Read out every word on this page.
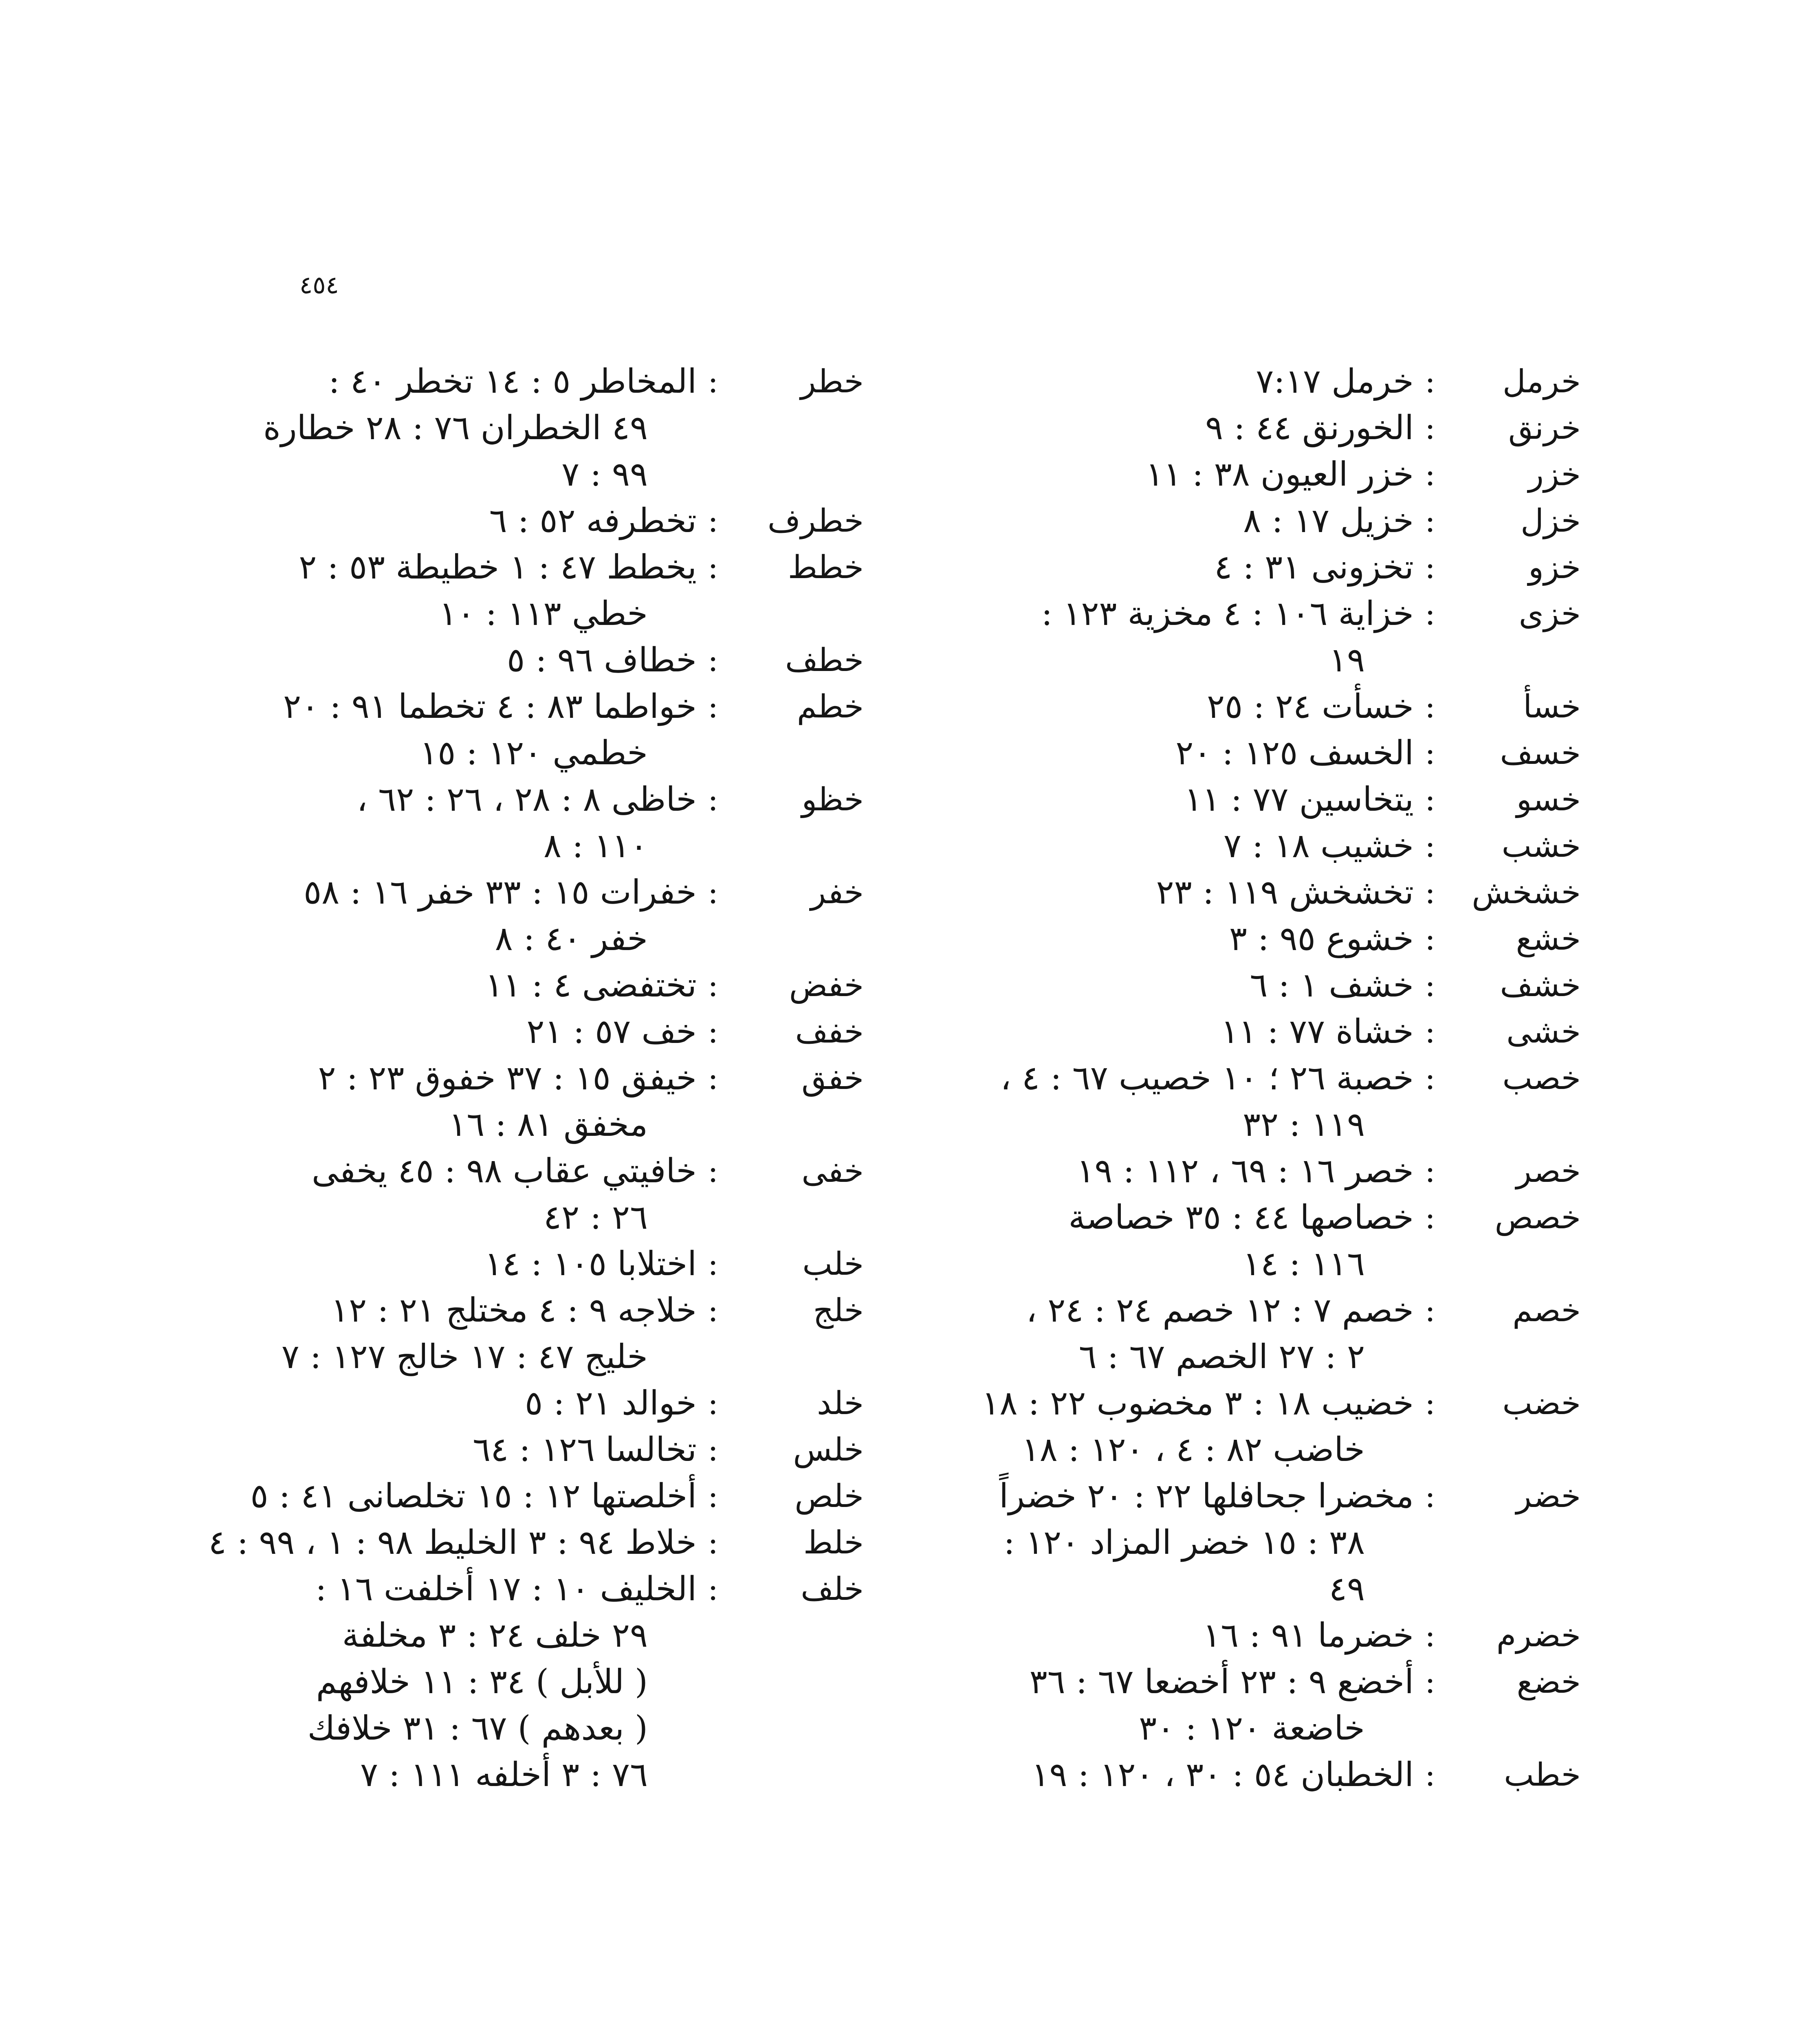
٤٥٤
خرمل
:
خرمل ٧:١٧
خرنق
:
الخورنق ٤٤ : ٩
خزر
:
خزر العيون ٣٨ : ١١
خزل
:
خزيل ١٧ : ٨
خزو
:
تخزونى ٣١ : ٤
خزى
:
خزاية ١٠٦ : ٤ مخزية ١٢٣ :
١٩
خسأ
:
خسأت ٢٤ : ٢٥
خسف
:
الخسف ١٢٥ : ٢٠
خسو
:
يتخاسين ٧٧ : ١١
خشب
:
خشيب ١٨ : ٧
خشخش
:
تخشخش ١١٩ : ٢٣
خشع
:
خشوع ٩٥ : ٣
خشف
:
خشف ١ : ٦
خشى
:
خشاة ٧٧ : ١١
خصب
:
خصبة ٢٦ ؛ ١٠ خصيب ٦٧ : ٤ ،
١١٩ : ٣٢
خصر
:
خصر ١٦ : ٦٩ ، ١١٢ : ١٩
خصص
:
خصاصها ٤٤ : ٣٥ خصاصة
١١٦ : ١٤
خصم
:
خصم ٧ : ١٢ خصم ٢٤ : ٢٤ ،
٢ : ٢٧ الخصم ٦٧ : ٦
خضب
:
خضيب ١٨ : ٣ مخضوب ٢٢ : ١٨
خاضب ٨٢ : ٤ ، ١٢٠ : ١٨
خضر
:
مخضرا جحافلها ٢٢ : ٢٠ خضراً
٣٨ : ١٥ خضر المزاد ١٢٠ :
٤٩
خضرم
:
خضرما ٩١ : ١٦
خضع
:
أخضع ٩ : ٢٣ أخضعا ٦٧ : ٣٦
خاضعة ١٢٠ : ٣٠
خطب
:
الخطبان ٥٤ : ٣٠ ، ١٢٠ : ١٩
خطر
:
المخاطر ٥ : ١٤ تخطر ٤٠ :
٤٩ الخطران ٧٦ : ٢٨ خطارة
٩٩ : ٧
خطرف
:
تخطرفه ٥٢ : ٦
خطط
:
يخطط ٤٧ : ١ خطيطة ٥٣ : ٢
خطي ١١٣ : ١٠
خطف
:
خطاف ٩٦ : ٥
خطم
:
خواطما ٨٣ : ٤ تخطما ٩١ : ٢٠
خطمي ١٢٠ : ١٥
خظو
:
خاظى ٨ : ٢٨ ، ٢٦ : ٦٢ ،
١١٠ : ٨
خفر
:
خفرات ١٥ : ٣٣ خفر ١٦ : ٥٨
خفر ٤٠ : ٨
خفض
:
تختفضى ٤ : ١١
خفف
:
خف ٥٧ : ٢١
خفق
:
خيفق ١٥ : ٣٧ خفوق ٢٣ : ٢
مخفق ٨١ : ١٦
خفى
:
خافيتي عقاب ٩٨ : ٤٥ يخفى
٢٦ : ٤٢
خلب
:
اختلابا ١٠٥ : ١٤
خلج
:
خلاجه ٩ : ٤ مختلج ٢١ : ١٢
خليج ٤٧ : ١٧ خالج ١٢٧ : ٧
خلد
:
خوالد ٢١ : ٥
خلس
:
تخالسا ١٢٦ : ٦٤
خلص
:
أخلصتها ١٢ : ١٥ تخلصانى ٤١ : ٥
خلط
:
خلاط ٩٤ : ٣ الخليط ٩٨ : ١ ، ٩٩ : ٤
خلف
:
الخليف ١٠ : ١٧ أخلفت ١٦ :
٢٩ خلف ٢٤ : ٣ مخلفة
( للأبل ) ٣٤ : ١١ خلافهم
( بعدهم ) ٦٧ : ٣١ خلافك
٧٦ : ٣ أخلفه ١١١ : ٧
